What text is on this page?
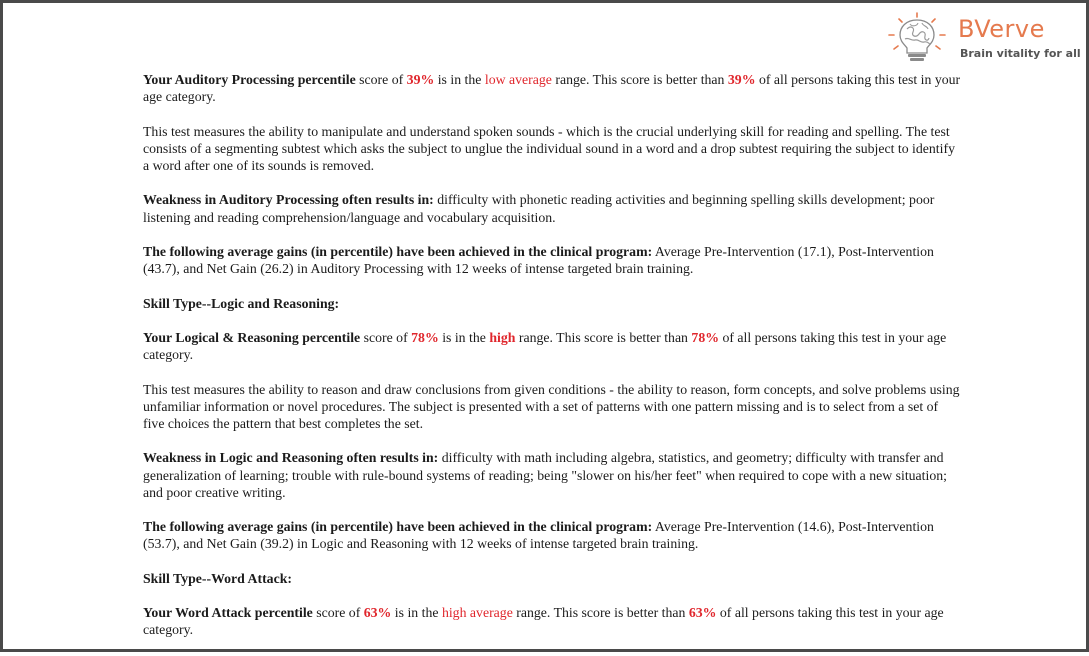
BVerve
Brain vitality for all

Your Auditory Processing percentile score of 39% is in the low average range. This score is better than 39% of all persons taking this test in your age category.

This test measures the ability to manipulate and understand spoken sounds - which is the crucial underlying skill for reading and spelling. The test consists of a segmenting subtest which asks the subject to unglue the individual sound in a word and a drop subtest requiring the subject to identify a word after one of its sounds is removed.

Weakness in Auditory Processing often results in: difficulty with phonetic reading activities and beginning spelling skills development; poor listening and reading comprehension/language and vocabulary acquisition.

The following average gains (in percentile) have been achieved in the clinical program: Average Pre-Intervention (17.1), Post-Intervention (43.7), and Net Gain (26.2) in Auditory Processing with 12 weeks of intense targeted brain training.

Skill Type--Logic and Reasoning:

Your Logical & Reasoning percentile score of 78% is in the high range. This score is better than 78% of all persons taking this test in your age category.

This test measures the ability to reason and draw conclusions from given conditions - the ability to reason, form concepts, and solve problems using unfamiliar information or novel procedures. The subject is presented with a set of patterns with one pattern missing and is to select from a set of five choices the pattern that best completes the set.

Weakness in Logic and Reasoning often results in: difficulty with math including algebra, statistics, and geometry; difficulty with transfer and generalization of learning; trouble with rule-bound systems of reading; being "slower on his/her feet" when required to cope with a new situation; and poor creative writing.

The following average gains (in percentile) have been achieved in the clinical program: Average Pre-Intervention (14.6), Post-Intervention (53.7), and Net Gain (39.2) in Logic and Reasoning with 12 weeks of intense targeted brain training.

Skill Type--Word Attack:

Your Word Attack percentile score of 63% is in the high average range. This score is better than 63% of all persons taking this test in your age category.
